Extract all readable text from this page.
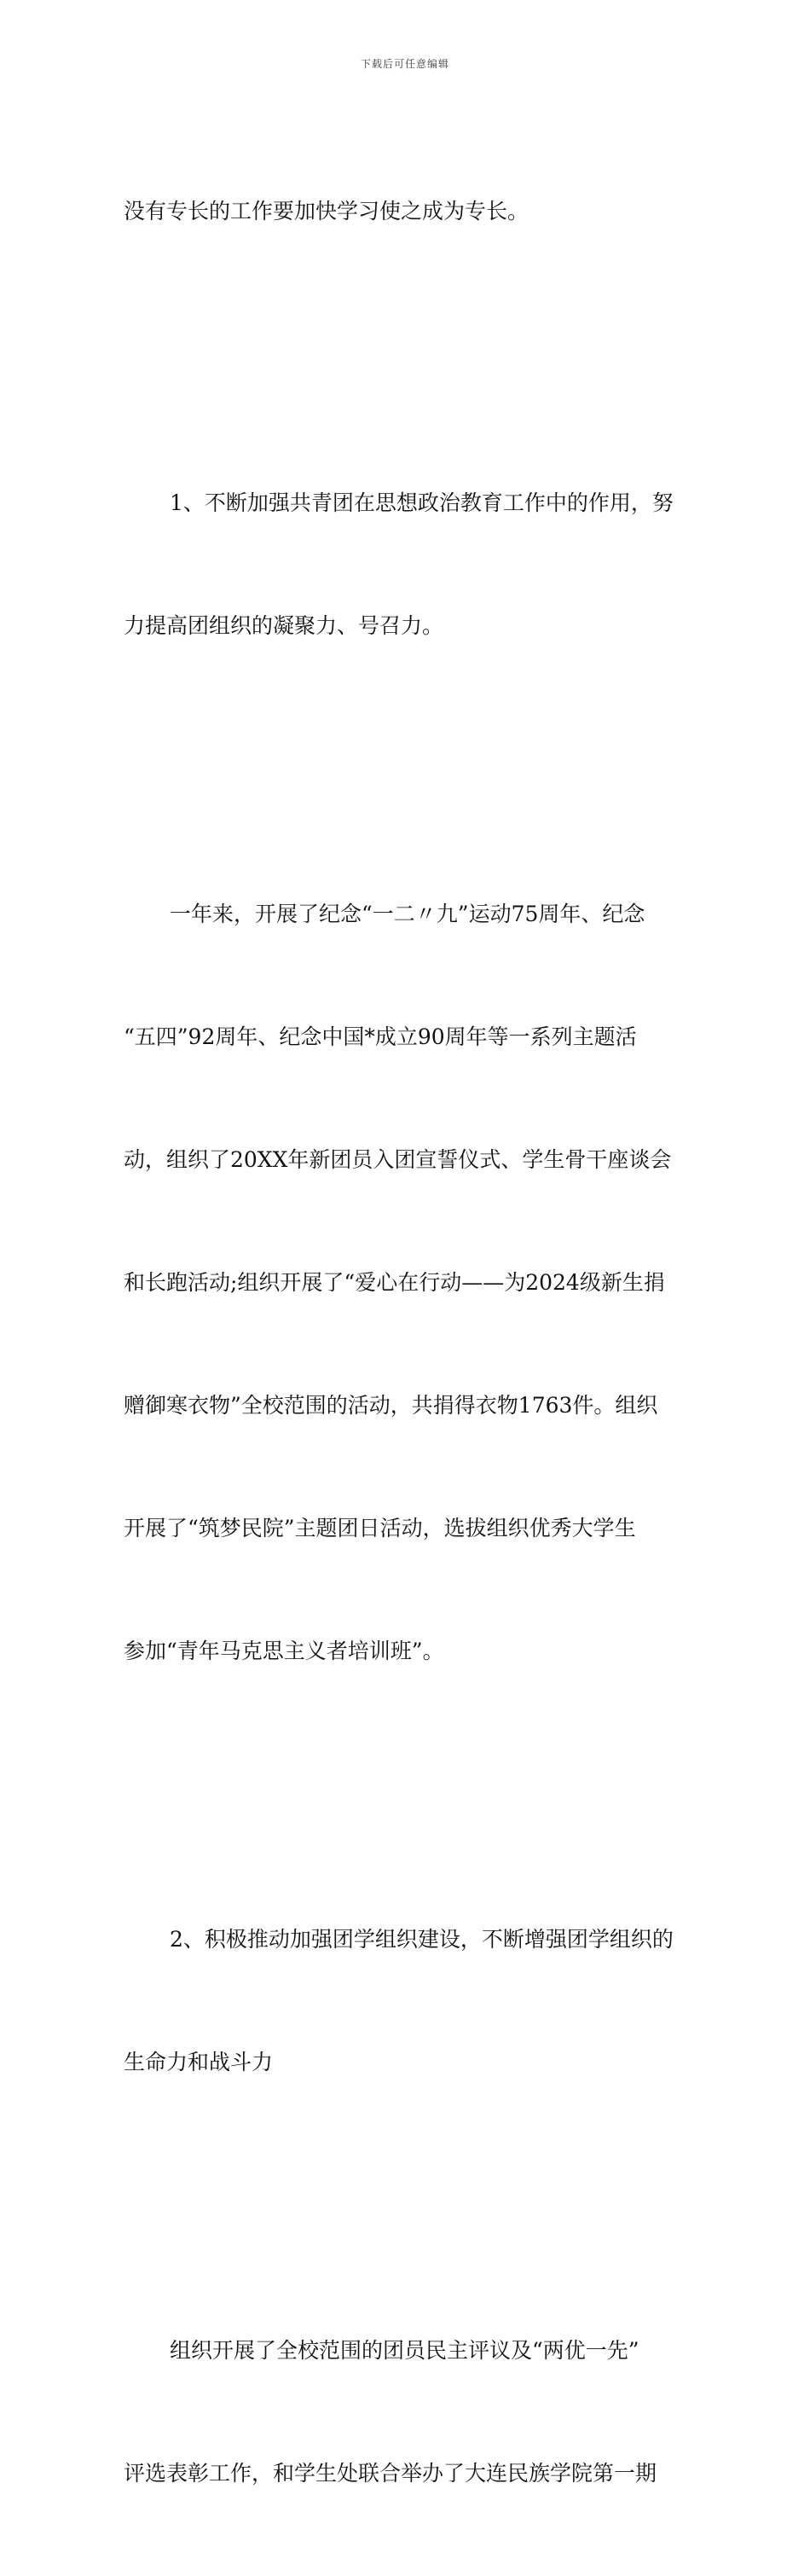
下载后可任意编辑

没有专长的工作要加快学习使之成为专长。

1、不断加强共青团在思想政治教育工作中的作用，努

力提高团组织的凝聚力、号召力。

一年来，开展了纪念“一二〃九”运动75周年、纪念

“五四”92周年、纪念中国*成立90周年等一系列主题活

动，组织了20XX年新团员入团宣誓仪式、学生骨干座谈会

和长跑活动;组织开展了“爱心在行动——为2024级新生捐

赠御寒衣物”全校范围的活动，共捐得衣物1763件。组织

开展了“筑梦民院”主题团日活动，选拔组织优秀大学生

参加“青年马克思主义者培训班”。

2、积极推动加强团学组织建设，不断增强团学组织的

生命力和战斗力

组织开展了全校范围的团员民主评议及“两优一先”

评选表彰工作，和学生处联合举办了大连民族学院第一期
